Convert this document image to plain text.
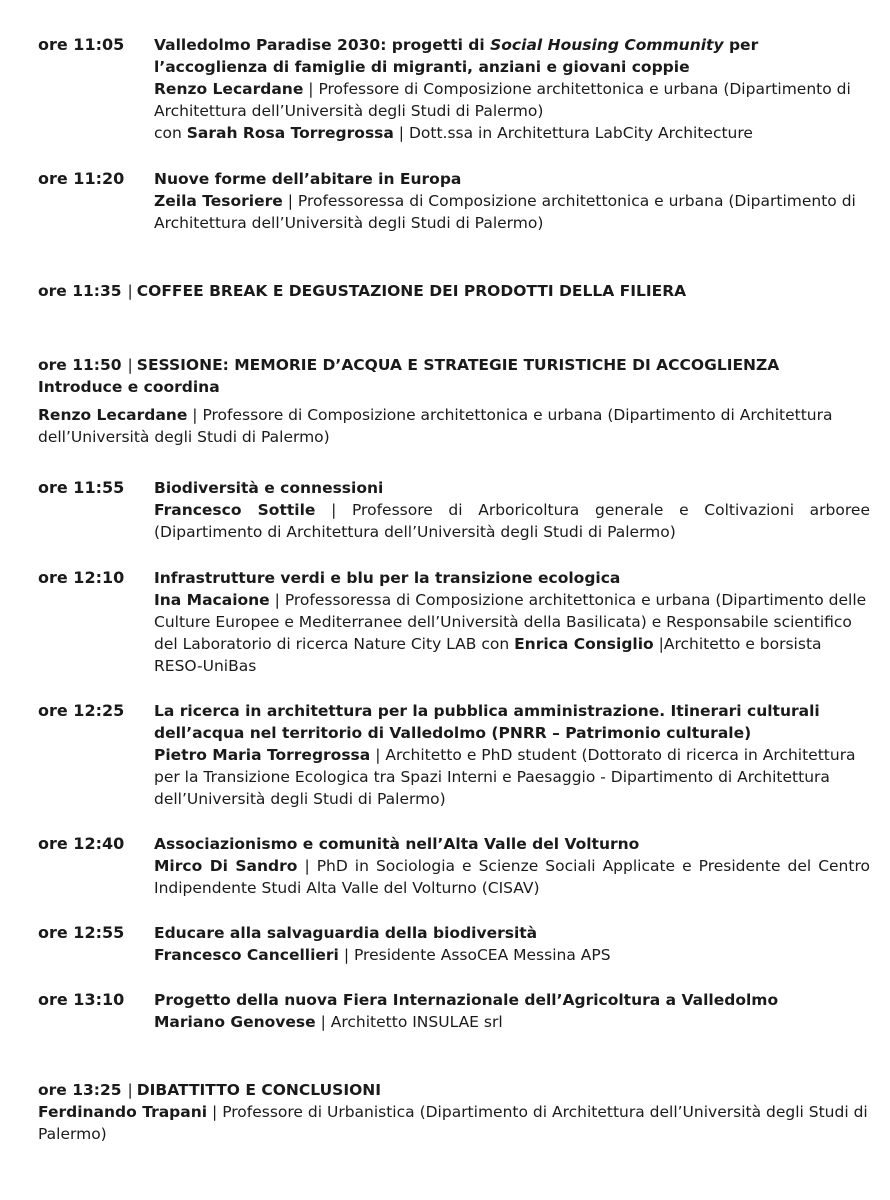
ore 11:05	Valledolmo Paradise 2030: progetti di Social Housing Community per l’accoglienza di famiglie di migranti, anziani e giovani coppie
Renzo Lecardane | Professore di Composizione architettonica e urbana (Dipartimento di Architettura dell’Università degli Studi di Palermo)
con Sarah Rosa Torregrossa | Dott.ssa in Architettura LabCity Architecture
ore 11:20	Nuove forme dell’abitare in Europa
Zeila Tesoriere | Professoressa di Composizione architettonica e urbana (Dipartimento di Architettura dell’Università degli Studi di Palermo)
ore 11:35 | COFFEE BREAK E DEGUSTAZIONE DEI PRODOTTI DELLA FILIERA
ore 11:50 | SESSIONE: MEMORIE D’ACQUA E STRATEGIE TURISTICHE DI ACCOGLIENZA
Introduce e coordina
Renzo Lecardane | Professore di Composizione architettonica e urbana (Dipartimento di Architettura dell’Università degli Studi di Palermo)
ore 11:55	Biodiversità e connessioni
Francesco Sottile | Professore di Arboricoltura generale e Coltivazioni arboree (Dipartimento di Architettura dell’Università degli Studi di Palermo)
ore 12:10	Infrastrutture verdi e blu per la transizione ecologica
Ina Macaione | Professoressa di Composizione architettonica e urbana (Dipartimento delle Culture Europee e Mediterranee dell’Università della Basilicata) e Responsabile scientifico del Laboratorio di ricerca Nature City LAB con Enrica Consiglio |Architetto e borsista RESO-UniBas
ore 12:25	La ricerca in architettura per la pubblica amministrazione. Itinerari culturali dell’acqua nel territorio di Valledolmo (PNRR – Patrimonio culturale)
Pietro Maria Torregrossa | Architetto e PhD student (Dottorato di ricerca in Architettura per la Transizione Ecologica tra Spazi Interni e Paesaggio - Dipartimento di Architettura dell’Università degli Studi di Palermo)
ore 12:40	Associazionismo e comunità nell’Alta Valle del Volturno
Mirco Di Sandro | PhD in Sociologia e Scienze Sociali Applicate e Presidente del Centro Indipendente Studi Alta Valle del Volturno (CISAV)
ore 12:55	Educare alla salvaguardia della biodiversità
Francesco Cancellieri | Presidente AssoCEA Messina APS
ore 13:10	Progetto della nuova Fiera Internazionale dell’Agricoltura a Valledolmo
Mariano Genovese | Architetto INSULAE srl
ore 13:25 | DIBATTITTO E CONCLUSIONI
Ferdinando Trapani | Professore di Urbanistica (Dipartimento di Architettura dell’Università degli Studi di Palermo)
